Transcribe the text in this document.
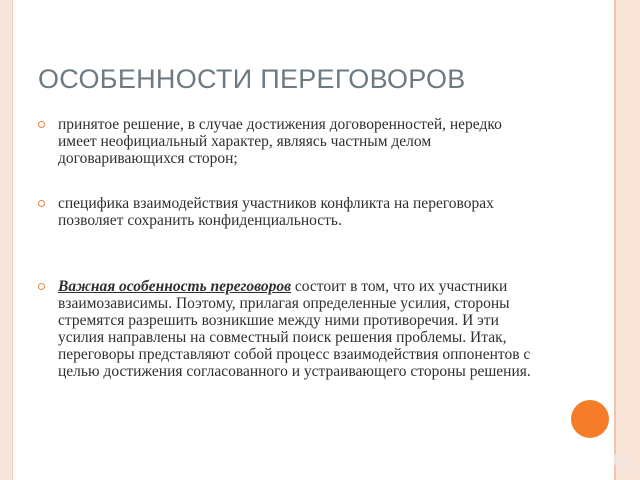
ОСОБЕННОСТИ ПЕРЕГОВОРОВ
принятое решение, в случае достижения договоренностей, нередко имеет неофициальный характер, являясь частным делом договаривающихся сторон;
специфика взаимодействия участников конфликта на переговорах позволяет сохранить конфиденциальность.
Важная особенность переговоров состоит в том, что их участники взаимозависимы. Поэтому, прилагая определенные усилия, стороны стремятся разрешить возникшие между ними противоречия. И эти усилия направлены на совместный поиск решения проблемы. Итак, переговоры представляют собой процесс взаимодействия оппонентов с целью достижения согласованного и устраивающего стороны решения.
tu
